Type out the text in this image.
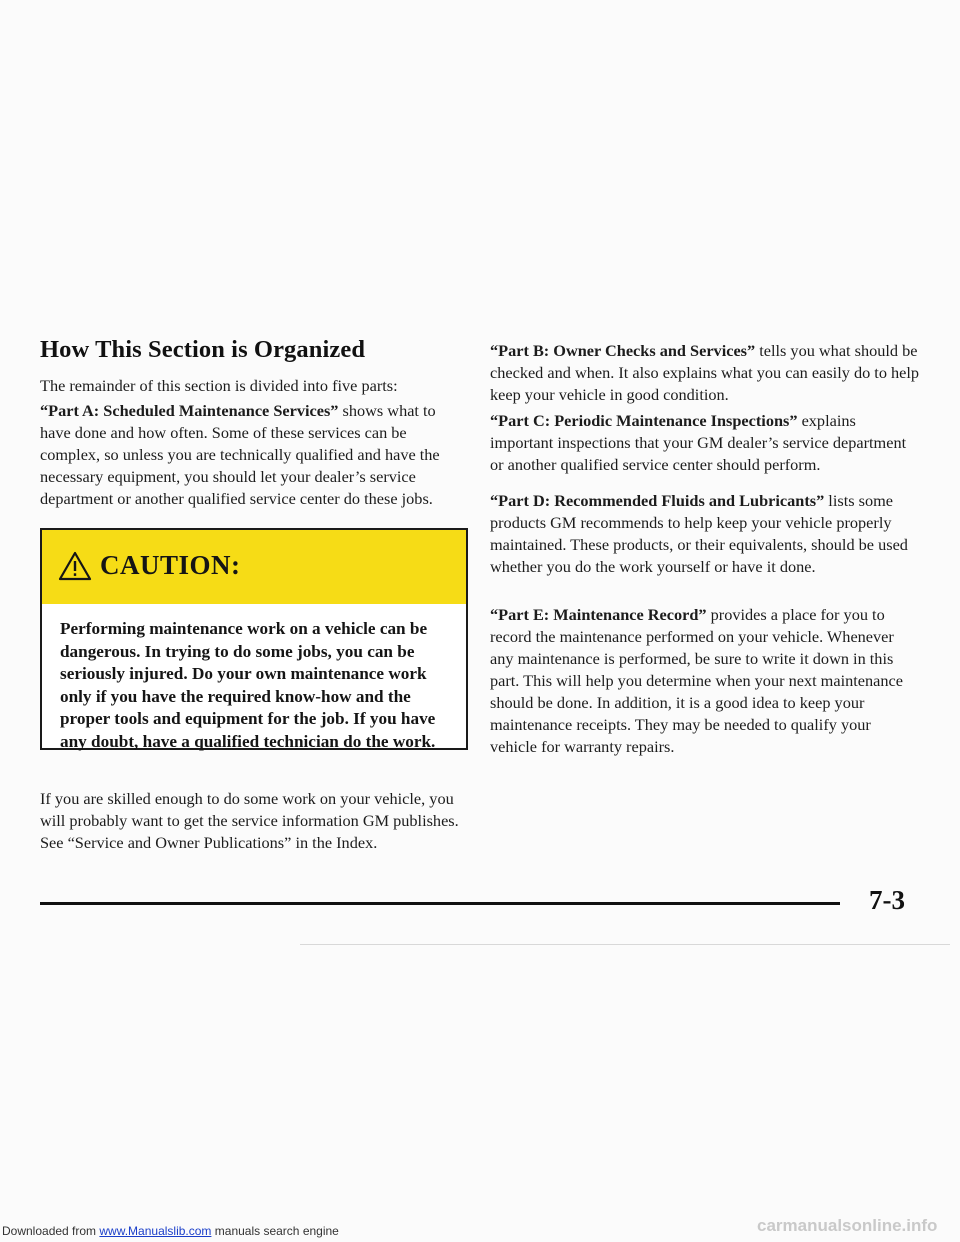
How This Section is Organized

The remainder of this section is divided into five parts:

“Part A: Scheduled Maintenance Services” shows what to have done and how often. Some of these services can be complex, so unless you are technically qualified and have the necessary equipment, you should let your dealer’s service department or another qualified service center do these jobs.

CAUTION:

Performing maintenance work on a vehicle can be dangerous. In trying to do some jobs, you can be seriously injured. Do your own maintenance work only if you have the required know-how and the proper tools and equipment for the job. If you have any doubt, have a qualified technician do the work.

If you are skilled enough to do some work on your vehicle, you will probably want to get the service information GM publishes. See “Service and Owner Publications” in the Index.

“Part B: Owner Checks and Services” tells you what should be checked and when. It also explains what you can easily do to help keep your vehicle in good condition.

“Part C: Periodic Maintenance Inspections” explains important inspections that your GM dealer’s service department or another qualified service center should perform.

“Part D: Recommended Fluids and Lubricants” lists some products GM recommends to help keep your vehicle properly maintained. These products, or their equivalents, should be used whether you do the work yourself or have it done.

“Part E: Maintenance Record” provides a place for you to record the maintenance performed on your vehicle. Whenever any maintenance is performed, be sure to write it down in this part. This will help you determine when your next maintenance should be done. In addition, it is a good idea to keep your maintenance receipts. They may be needed to qualify your vehicle for warranty repairs.

7-3
Downloaded from www.Manualslib.com manuals search engine	carmanualsonline.info
